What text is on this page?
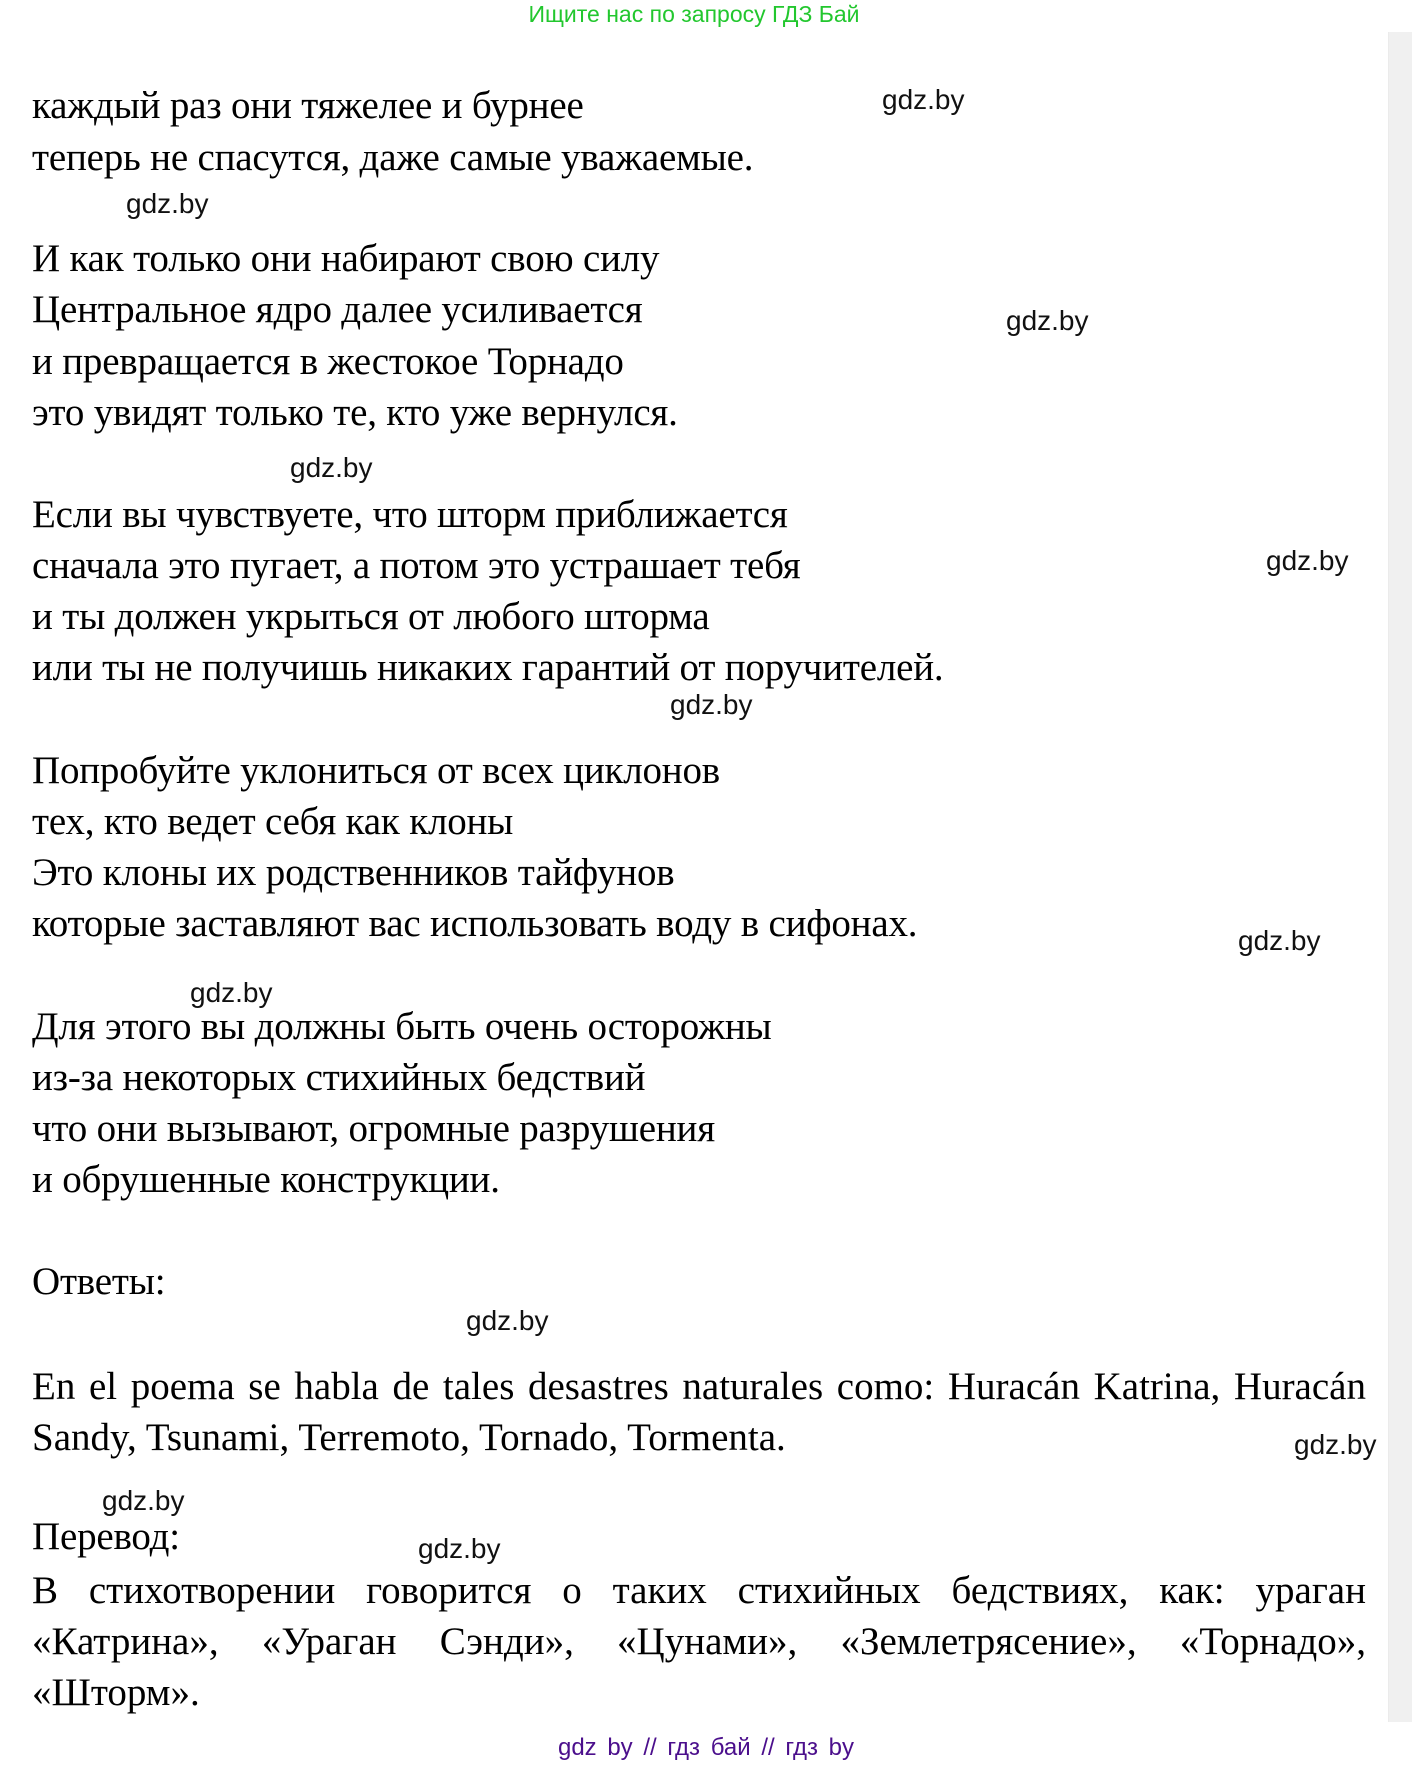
Ищите нас по запросу ГДЗ Бай
каждый раз они тяжелее и бурнее
теперь не спасутся, даже самые уважаемые.
И как только они набирают свою силу
Центральное ядро далее усиливается
и превращается в жестокое Торнадо
это увидят только те, кто уже вернулся.
Если вы чувствуете, что шторм приближается
сначала это пугает, а потом это устрашает тебя
и ты должен укрыться от любого шторма
или ты не получишь никаких гарантий от поручителей.
Попробуйте уклониться от всех циклонов
тех, кто ведет себя как клоны
Это клоны их родственников тайфунов
которые заставляют вас использовать воду в сифонах.
Для этого вы должны быть очень осторожны
из-за некоторых стихийных бедствий
что они вызывают, огромные разрушения
и обрушенные конструкции.
Ответы:
En el poema se habla de tales desastres naturales como: Huracán Katrina, Huracán Sandy, Tsunami, Terremoto, Tornado, Tormenta.
Перевод:
В стихотворении говорится о таких стихийных бедствиях, как: ураган «Катрина», «Ураган Сэнди», «Цунами», «Землетрясение», «Торнадо», «Шторм».
gdz.by
gdz.by
gdz.by
gdz.by
gdz.by
gdz.by
gdz.by
gdz.by
gdz.by
gdz.by
gdz.by
gdz.by
gdz by // гдз бай // гдз by
